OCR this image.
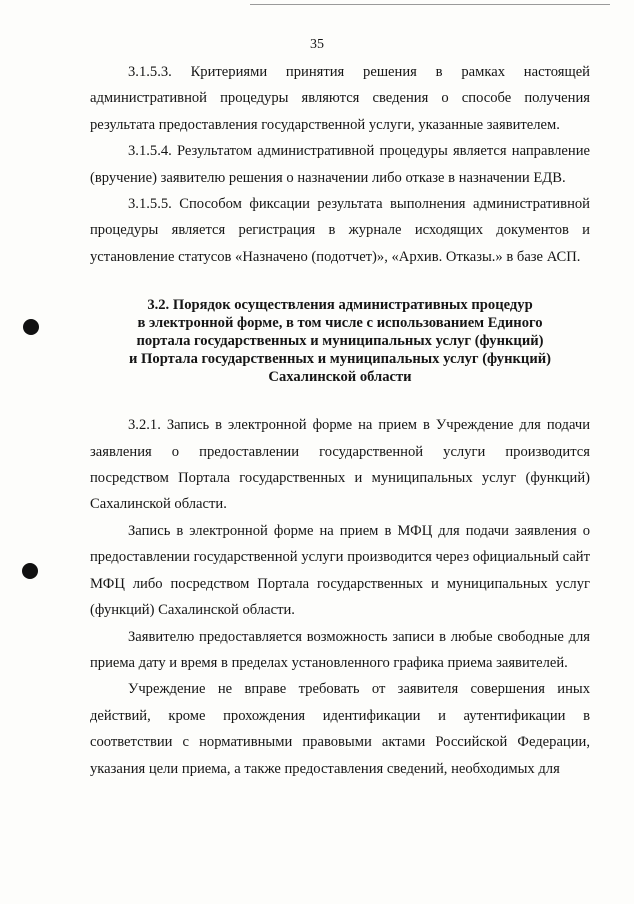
35

3.1.5.3. Критериями принятия решения в рамках настоящей административной процедуры являются сведения о способе получения результата предоставления государственной услуги, указанные заявителем.

3.1.5.4. Результатом административной процедуры является направление (вручение) заявителю решения о назначении либо отказе в назначении ЕДВ.

3.1.5.5. Способом фиксации результата выполнения административной процедуры является регистрация в журнале исходящих документов и установление статусов «Назначено (подотчет)», «Архив. Отказы.» в базе АСП.

3.2. Порядок осуществления административных процедур
в электронной форме, в том числе с использованием Единого
портала государственных и муниципальных услуг (функций)
и Портала государственных и муниципальных услуг (функций)
Сахалинской области

3.2.1. Запись в электронной форме на прием в Учреждение для подачи заявления о предоставлении государственной услуги производится посредством Портала государственных и муниципальных услуг (функций) Сахалинской области.

Запись в электронной форме на прием в МФЦ для подачи заявления о предоставлении государственной услуги производится через официальный сайт МФЦ либо посредством Портала государственных и муниципальных услуг (функций) Сахалинской области.

Заявителю предоставляется возможность записи в любые свободные для приема дату и время в пределах установленного графика приема заявителей.

Учреждение не вправе требовать от заявителя совершения иных действий, кроме прохождения идентификации и аутентификации в соответствии с нормативными правовыми актами Российской Федерации, указания цели приема, а также предоставления сведений, необходимых для
